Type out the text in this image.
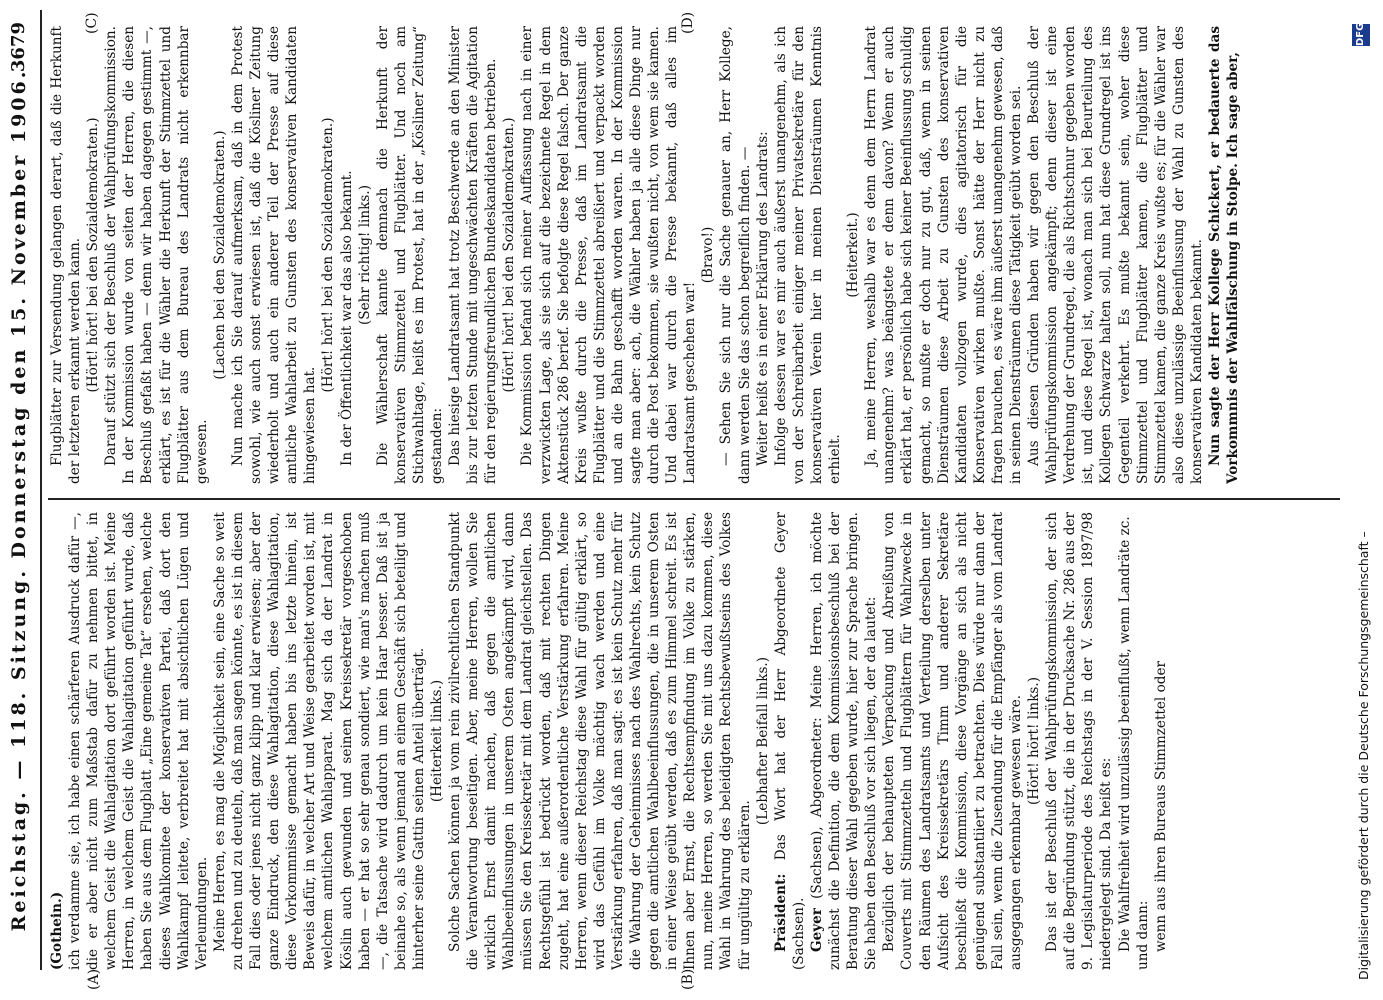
Reichstag. — 118. Sitzung. Donnerstag den 15. November 1906.
3679
(A)	(B)
(C)	(D)

(Gothein.) ich verdamme sie, ich habe einen schärferen Ausdruck dafür —, die er aber nicht zum Maßstab dafür zu nehmen bittet, in welchem Geist die Wahlagitation dort geführt worden ist. Meine Herren, in welchem Geist die Wahlagitation geführt wurde, daß haben Sie aus dem Flugblatt „Eine gemeine Tat“ ersehen, welche dieses Wahlkomitee der konservativen Partei, daß dort den Wahlkampf leitete, verbreitet hat mit absichtlichen Lügen und Verleumdungen. Meine Herren, es mag die Möglichkeit sein, eine Sache so weit zu drehen und zu deuteln, daß man sagen könnte, es ist in diesem Fall dies oder jenes nicht ganz klipp und klar erwiesen; aber der ganze Eindruck, den diese Wahlagitation, diese Wahlagitation, diese Vorkommnisse gemacht haben bis ins letzte hinein, ist Beweis dafür, in welcher Art und Weise gearbeitet worden ist, mit welchem amtlichen Wahlapparat. Mag sich da der Landrat in Köslin auch gewunden und seinen Kreissekretär vorgeschoben haben — er hat so sehr genau sondiert, wie man's machen muß —, die Tatsache wird dadurch um kein Haar besser. Daß ist ja beinahe so, als wenn jemand an einem Geschäft sich beteiligt und hinterher seine Gattin seinen Anteil überträgt. (Heiterkeit links.) Solche Sachen können ja vom rein zivilrechtlichen Standpunkt die Verantwortung beseitigen. Aber, meine Herren, wollen Sie wirklich Ernst damit machen, daß gegen die amtlichen Wahlbeeinflussungen in unserem Osten angekämpft wird, dann müssen Sie den Kreissekretär mit dem Landrat gleichstellen. Das Rechtsgefühl ist bedrückt worden, daß mit rechten Dingen zugeht, hat eine außerordentliche Verstärkung erfahren. Meine Herren, wenn dieser Reichstag diese Wahl für gültig erklärt, so wird das Gefühl im Volke mächtig wach werden und eine Verstärkung erfahren, daß man sagt: es ist kein Schutz mehr für die Wahrung der Geheimnisses nach des Wahlrechts, kein Schutz gegen die amtlichen Wahlbeeinflussungen, die in unserem Osten in einer Weise geübt werden, daß es zum Himmel schreit. Es ist Ihnen aber Ernst, die Rechtsempfindung im Volke zu stärken, nun, meine Herren, so werden Sie mit uns dazu kommen, diese Wahl in Wahrung des beleidigten Rechtsbewußtseins des Volkes für ungültig zu erklären.

(Lebhafter Beifall links.)

Präsident: Das Wort hat der Herr Abgeordnete Geyer (Sachsen). Geyer (Sachsen), Abgeordneter: Meine Herren, ich möchte zunächst die Definition, die dem Kommissionsbeschluß bei der Beratung dieser Wahl gegeben wurde, hier zur Sprache bringen. Sie haben den Beschluß vor sich liegen, der da lautet: Bezüglich der behaupteten Verpackung und Abreißung von Couverts mit Stimmzetteln und Flugblättern für Wahlzwecke in den Räumen des Landratsamts und Verteilung derselben unter Aufsicht des Kreissekretärs Timm und anderer Sekretäre beschließt die Kommission, diese Vorgänge an sich als nicht genügend substantiiert zu betrachten. Dies würde nur dann der Fall sein, wenn die Zusendung für die Empfänger als vom Landrat ausgegangen erkennbar gewesen wäre. (Hört! hört! links.) Das ist der Beschluß der Wahlprüfungskommission, der sich auf die Begründung stützt, die in der Drucksache Nr. 286 aus der 9. Legislaturperiode des Reichstags in der V. Session 1897/98 niedergelegt sind. Da heißt es: Die Wahlfreiheit wird unzulässig beeinflußt, wenn Landräte zc. und dann: wenn aus ihren Bureaus Stimmzettel oder

Flugblätter zur Versendung gelangen derart, daß die Herkunft der letzteren erkannt werden kann. (Hört! hört! bei den Sozialdemokraten.) Darauf stützt sich der Beschluß der Wahlprüfungskommission. In der Kommission wurde von seiten der Herren, die diesen Beschluß gefaßt haben — denn wir haben dagegen gestimmt —, erklärt, es ist für die Wähler die Herkunft der Stimmzettel und Flugblätter aus dem Bureau des Landrats nicht erkennbar gewesen.

(Lachen bei den Sozialdemokraten.) Nun mache ich Sie darauf aufmerksam, daß in dem Protest sowohl, wie auch sonst erwiesen ist, daß die Kösliner Zeitung wiederholt und auch ein anderer Teil der Presse auf diese amtliche Wahlarbeit zu Gunsten des konservativen Kandidaten hingewiesen hat.

(Hört! hört! bei den Sozialdemokraten.) In der Öffentlichkeit war das also bekannt. (Sehr richtig! links.) Die Wählerschaft kannte demnach die Herkunft der konservativen Stimmzettel und Flugblätter. Und noch am Stichwahltage, heißt es im Protest, hat in der „Kösliner Zeitung“ gestanden: Das hiesige Landratsamt hat trotz Beschwerde an den Minister bis zur letzten Stunde mit ungeschwächten Kräften die Agitation für den regierungsfreundlichen Bundeskandidaten betrieben. (Hört! hört! bei den Sozialdemokraten.) Die Kommission befand sich meiner Auffassung nach in einer verzwickten Lage, als sie sich auf die bezeichnete Regel in dem Aktenstück 286 berief. Sie befolgte diese Regel falsch. Der ganze Kreis wußte durch die Presse, daß im Landratsamt die Flugblätter und die Stimmzettel abreißiert und verpackt worden und an die Bahn geschafft worden waren. In der Kommission sagte man aber: ach, die Wähler haben ja alle diese Dinge nur durch die Post bekommen, sie wußten nicht, von wem sie kamen. Und dabei war durch die Presse bekannt, daß alles im Landratsamt geschehen war!

(Bravo!) — Sehen Sie sich nur die Sache genauer an, Herr Kollege, dann werden Sie das schon begreiflich finden. — Weiter heißt es in einer Erklärung des Landrats: Infolge dessen war es mir auch äußerst unangenehm, als ich von der Schreibarbeit einiger meiner Privatsekretäre für den konservativen Verein hier in meinen Diensträumen Kenntnis erhielt.

(Heiterkeit.) Ja, meine Herren, weshalb war es denn dem Herrn Landrat unangenehm? was beängstete er denn davon? Wenn er auch erklärt hat, er persönlich habe sich keiner Beeinflussung schuldig gemacht, so mußte er doch nur zu gut, daß, wenn in seinen Diensträumen diese Arbeit zu Gunsten des konservativen Kandidaten vollzogen wurde, dies agitatorisch für die Konservativen wirken mußte. Sonst hätte der Herr nicht zu fragen brauchen, es wäre ihm äußerst unangenehm gewesen, daß in seinen Diensträumen diese Tätigkeit geübt worden sei. Aus diesen Gründen haben wir gegen den Beschluß der Wahlprüfungskommission angekämpft; denn dieser ist eine Verdrehung der Grundregel, die als Richtschnur gegeben worden ist, und diese Regel ist, wonach man sich bei Beurteilung des Kollegen Schwarze halten soll, nun hat diese Grundregel ist ins Gegenteil verkehrt. Es mußte bekannt sein, woher diese Stimmzettel und Flugblätter kamen, die Flugblätter und Stimmzettel kamen, die ganze Kreis wußte es; für die Wähler war also diese unzulässige Beeinflussung der Wahl zu Gunsten des konservativen Kandidaten bekannt. Nun sagte der Herr Kollege Schickert, er bedauerte das Vorkommnis der Wahlfälschung in Stolpe. Ich sage aber,

Digitalisierung gefördert durch die Deutsche Forschungsgemeinschaft –
DFG
